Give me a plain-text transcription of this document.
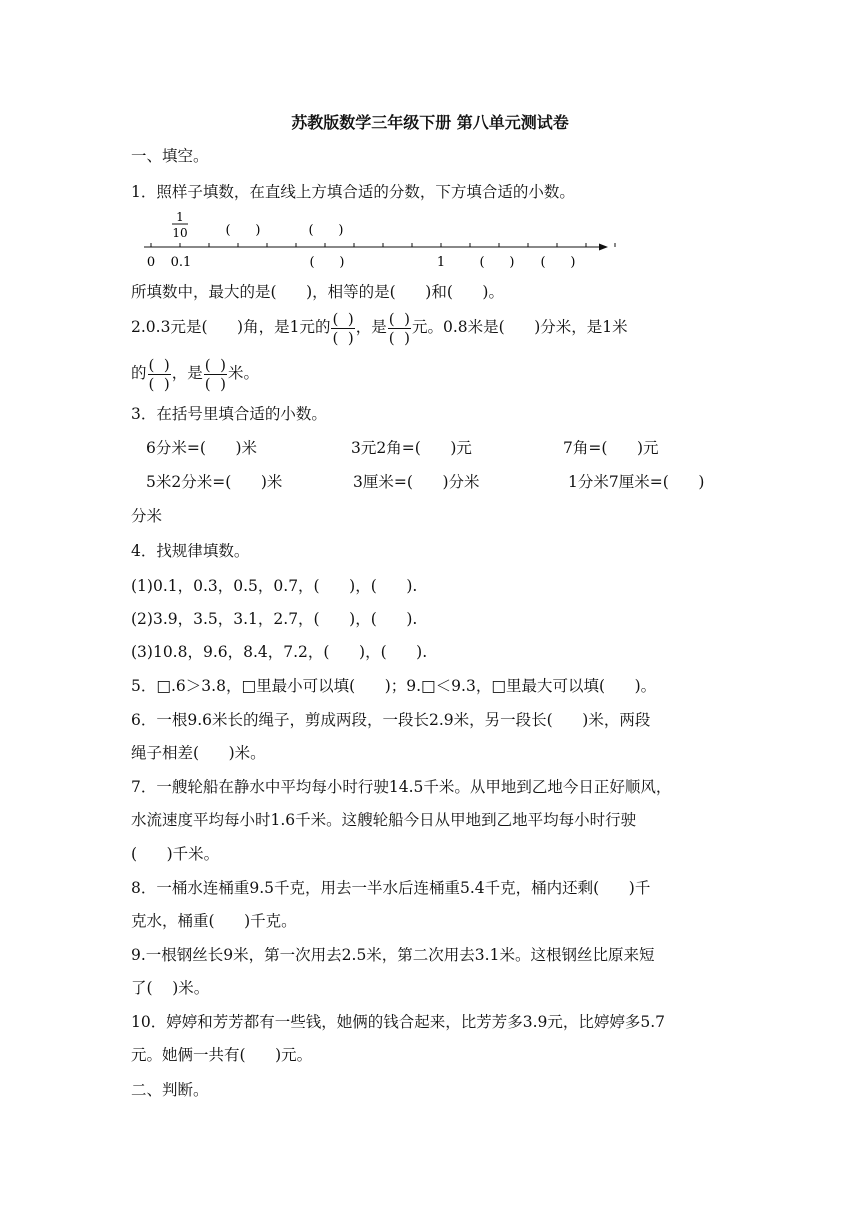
苏教版数学三年级下册 第八单元测试卷
一、填空。
1．照样子填数，在直线上方填合适的分数，下方填合适的小数。
1
10	(      )	(      )
0 0.1	1
(      )	(      ) (      )
所填数中，最大的是(      )，相等的是(      )和(      )。
2.0.3元是(      )角，是1元的 $\frac{( )}{( )}$ ，是 $\frac{( )}{( )}$ 元。0.8米是(      )分米，是1米
的 $\frac{( )}{( )}$ ，是 $\frac{( )}{( )}$ 米。
3．在括号里填合适的小数。
6分米=(      )米	3元2角=(      )元	7角=(      )元
5米2分米=(      )米	3厘米=(      )分米	1分米7厘米=(      )
分米
4．找规律填数。
(1)0.1，0.3，0.5，0.7，(      )，(      ).
(2)3.9，3.5，3.1，2.7，(      )，(      ).
(3)10.8，9.6，8.4，7.2，(      )，(      ).
5．□.6＞3.8，□里最小可以填(      )；9.□＜9.3，□里最大可以填(      )。
6．一根9.6米长的绳子，剪成两段，一段长2.9米，另一段长(      )米，两段
绳子相差(      )米。
7．一艘轮船在静水中平均每小时行驶14.5千米。从甲地到乙地今日正好顺风，
水流速度平均每小时1.6千米。这艘轮船今日从甲地到乙地平均每小时行驶
(      )千米。
8．一桶水连桶重9.5千克，用去一半水后连桶重5.4千克，桶内还剩(      )千
克水，桶重(      )千克。
9.一根钢丝长9米，第一次用去2.5米，第二次用去3.1米。这根钢丝比原来短
了(    )米。
10．婷婷和芳芳都有一些钱，她俩的钱合起来，比芳芳多3.9元，比婷婷多5.7
元。她俩一共有(      )元。
二、判断。
